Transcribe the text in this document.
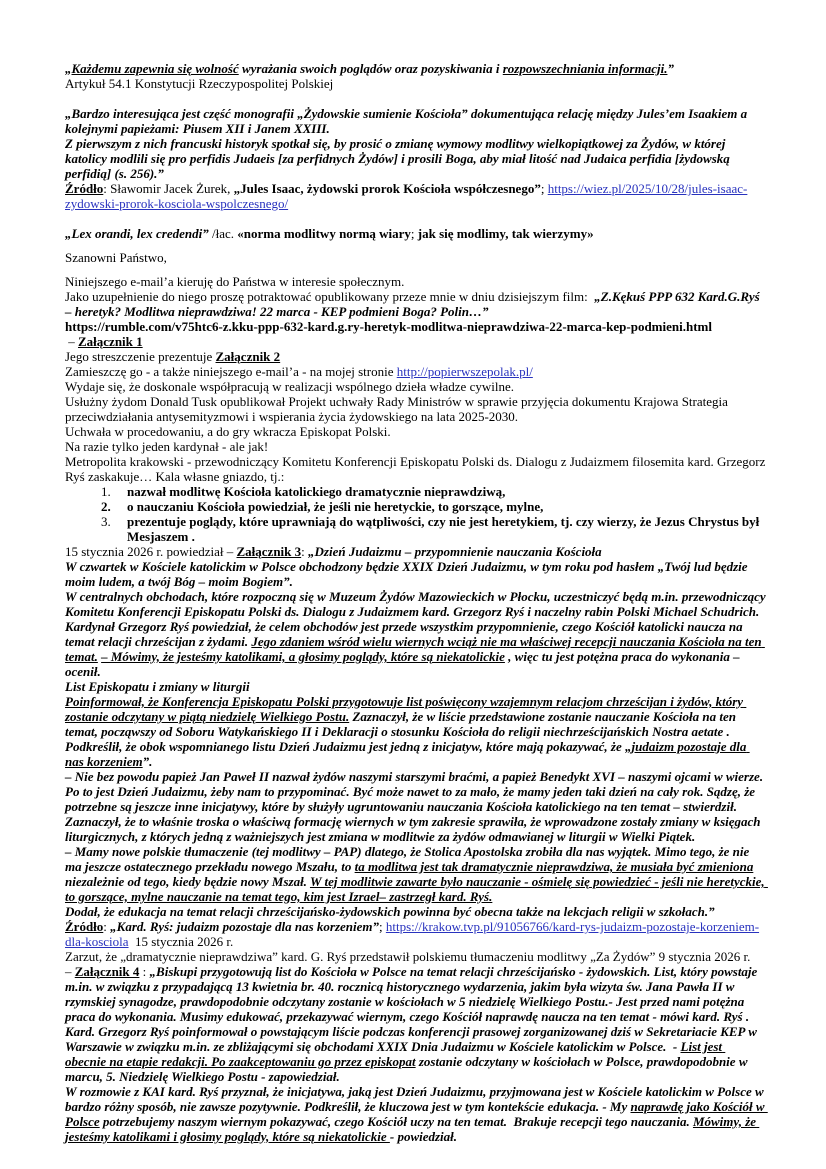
„Każdemu zapewnia się wolność wyrażania swoich poglądów oraz pozyskiwania i rozpowszechniania informacji.”

Artykuł 54.1 Konstytucji Rzeczypospolitej Polskiej

„Bardzo interesująca jest część monografii „Żydowskie sumienie Kościoła” dokumentująca relację między Jules’em Isaakiem a kolejnymi papieżami: Piusem XII i Janem XXIII.

Z pierwszym z nich francuski historyk spotkał się, by prosić o zmianę wymowy modlitwy wielkopiątkowej za Żydów, w której katolicy modlili się pro perfidis Judaeis [za perfidnych Żydów] i prosili Boga, aby miał litość nad Judaica perfidia [żydowską perfidią] (s. 256).”

Źródło: Sławomir Jacek Żurek, „Jules Isaac, żydowski prorok Kościoła współczesnego”; https://wiez.pl/2025/10/28/jules-isaac-zydowski-prorok-kosciola-wspolczesnego/

„Lex orandi, lex credendi” /łac. «norma modlitwy normą wiary; jak się modlimy, tak wierzymy»

Szanowni Państwo,

Niniejszego e-mail’a kieruję do Państwa w interesie społecznym.

Jako uzupełnienie do niego proszę potraktować opublikowany przeze mnie w dniu dzisiejszym film:  „Z.Kękuś PPP 632 Kard.G.Ryś – heretyk? Modlitwa nieprawdziwa! 22 marca - KEP podmieni Boga? Polin…”

https://rumble.com/v75htc6-z.kku-ppp-632-kard.g.ry-heretyk-modlitwa-nieprawdziwa-22-marca-kep-podmieni.html

– Załącznik 1

Jego streszczenie prezentuje Załącznik 2

Zamieszczę go - a także niniejszego e-mail’a - na mojej stronie http://popierwszepolak.pl/

Wydaje się, że doskonale współpracują w realizacji wspólnego dzieła władze cywilne.

Usłużny żydom Donald Tusk opublikował Projekt uchwały Rady Ministrów w sprawie przyjęcia dokumentu Krajowa Strategia przeciwdziałania antysemityzmowi i wspierania życia żydowskiego na lata 2025-2030.

Uchwała w procedowaniu, a do gry wkracza Episkopat Polski.

Na razie tylko jeden kardynał - ale jak!

Metropolita krakowski - przewodniczący Komitetu Konferencji Episkopatu Polski ds. Dialogu z Judaizmem filosemita kard. Grzegorz Ryś zaskakuje… Kala własne gniazdo, tj.:

1. nazwał modlitwę Kościoła katolickiego dramatycznie nieprawdziwą,
2. o nauczaniu Kościoła powiedział, że jeśli nie heretyckie, to gorszące, mylne,
3. prezentuje poglądy, które uprawniają do wątpliwości, czy nie jest heretykiem, tj. czy wierzy, że Jezus Chrystus był Mesjaszem .

15 stycznia 2026 r. powiedział – Załącznik 3: „Dzień Judaizmu – przypomnienie nauczania Kościoła

W czwartek w Kościele katolickim w Polsce obchodzony będzie XXIX Dzień Judaizmu, w tym roku pod hasłem „Twój lud będzie moim ludem, a twój Bóg – moim Bogiem”.

W centralnych obchodach, które rozpoczną się w Muzeum Żydów Mazowieckich w Płocku, uczestniczyć będą m.in. przewodniczący Komitetu Konferencji Episkopatu Polski ds. Dialogu z Judaizmem kard. Grzegorz Ryś i naczelny rabin Polski Michael Schudrich.

Kardynał Grzegorz Ryś powiedział, że celem obchodów jest przede wszystkim przypomnienie, czego Kościół katolicki naucza na temat relacji chrześcijan z żydami. Jego zdaniem wśród wielu wiernych wciąż nie ma właściwej recepcji nauczania Kościoła na ten temat. – Mówimy, że jesteśmy katolikami, a głosimy poglądy, które są niekatolickie , więc tu jest potężna praca do wykonania – ocenił.

List Episkopatu i zmiany w liturgii

Poinformował, że Konferencja Episkopatu Polski przygotowuje list poświęcony wzajemnym relacjom chrześcijan i żydów, który zostanie odczytany w piątą niedzielę Wielkiego Postu. Zaznaczył, że w liście przedstawione zostanie nauczanie Kościoła na ten temat, począwszy od Soboru Watykańskiego II i Deklaracji o stosunku Kościoła do religii niechrześcijańskich Nostra aetate .

Podkreślił, że obok wspomnianego listu Dzień Judaizmu jest jedną z inicjatyw, które mają pokazywać, że „judaizm pozostaje dla nas korzeniem”.

– Nie bez powodu papież Jan Paweł II nazwał żydów naszymi starszymi braćmi, a papież Benedykt XVI – naszymi ojcami w wierze. Po to jest Dzień Judaizmu, żeby nam to przypominać. Być może nawet to za mało, że mamy jeden taki dzień na cały rok. Sądzę, że potrzebne są jeszcze inne inicjatywy, które by służyły ugruntowaniu nauczania Kościoła katolickiego na ten temat – stwierdził.

Zaznaczył, że to właśnie troska o właściwą formację wiernych w tym zakresie sprawiła, że wprowadzone zostały zmiany w księgach liturgicznych, z których jedną z ważniejszych jest zmiana w modlitwie za żydów odmawianej w liturgii w Wielki Piątek.

– Mamy nowe polskie tłumaczenie (tej modlitwy – PAP) dlatego, że Stolica Apostolska zrobiła dla nas wyjątek. Mimo tego, że nie ma jeszcze ostatecznego przekładu nowego Mszału, to ta modlitwa jest tak dramatycznie nieprawdziwa, że musiała być zmieniona niezależnie od tego, kiedy będzie nowy Mszał. W tej modlitwie zawarte było nauczanie - ośmielę się powiedzieć - jeśli nie heretyckie, to gorszące, mylne nauczanie na temat tego, kim jest Izrael– zastrzegł kard. Ryś.

Dodał, że edukacja na temat relacji chrześcijańsko-żydowskich powinna być obecna także na lekcjach religii w szkołach.”

Źródło: „Kard. Ryś: judaizm pozostaje dla nas korzeniem”; https://krakow.tvp.pl/91056766/kard-rys-judaizm-pozostaje-korzeniem-dla-kosciola  15 stycznia 2026 r.

Zarzut, że „dramatycznie nieprawdziwa” kard. G. Ryś przedstawił polskiemu tłumaczeniu modlitwy „Za Żydów” 9 stycznia 2026 r.

– Załącznik 4 : „Biskupi przygotowują list do Kościoła w Polsce na temat relacji chrześcijańsko - żydowskich. List, który powstaje m.in. w związku z przypadającą 13 kwietnia br. 40. rocznicą historycznego wydarzenia, jakim była wizyta św. Jana Pawła II w rzymskiej synagodze, prawdopodobnie odczytany zostanie w kościołach w 5 niedzielę Wielkiego Postu.- Jest przed nami potężna praca do wykonania. Musimy edukować, przekazywać wiernym, czego Kościół naprawdę naucza na ten temat - mówi kard. Ryś .

Kard. Grzegorz Ryś poinformował o powstającym liście podczas konferencji prasowej zorganizowanej dziś w Sekretariacie KEP w Warszawie w związku m.in. ze zbliżającymi się obchodami XXIX Dnia Judaizmu w Kościele katolickim w Polsce.  - List jest obecnie na etapie redakcji. Po zaakceptowaniu go przez episkopat zostanie odczytany w kościołach w Polsce, prawdopodobnie w marcu, 5. Niedzielę Wielkiego Postu - zapowiedział.

W rozmowie z KAI kard. Ryś przyznał, że inicjatywa, jaką jest Dzień Judaizmu, przyjmowana jest w Kościele katolickim w Polsce w bardzo różny sposób, nie zawsze pozytywnie. Podkreślił, że kluczowa jest w tym kontekście edukacja. - My naprawdę jako Kościół w Polsce potrzebujemy naszym wiernym pokazywać, czego Kościół uczy na ten temat.  Brakuje recepcji tego nauczania. Mówimy, że jesteśmy katolikami i głosimy poglądy, które są niekatolickie - powiedział.
